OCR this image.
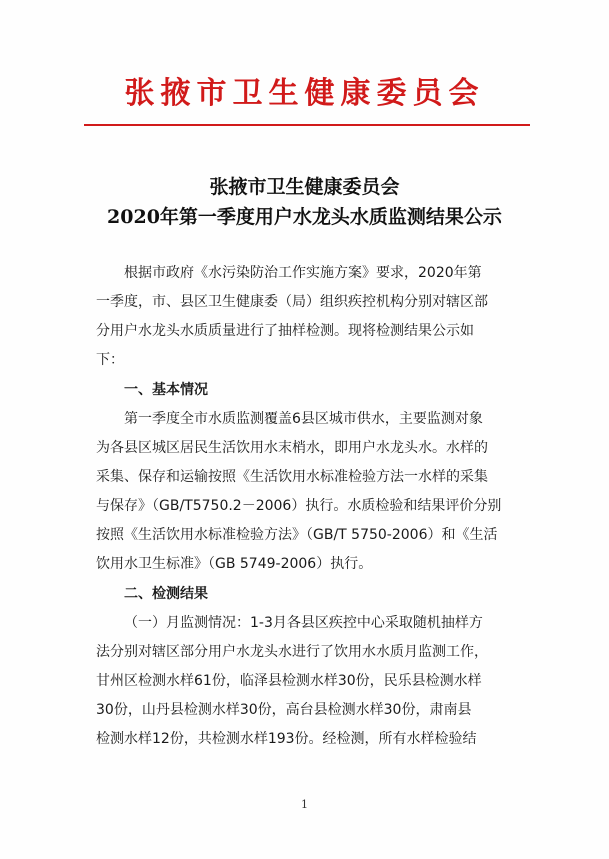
张掖市卫生健康委员会
张掖市卫生健康委员会
2020年第一季度用户水龙头水质监测结果公示
根据市政府《水污染防治工作实施方案》要求，2020年第
一季度，市、县区卫生健康委（局）组织疾控机构分别对辖区部
分用户水龙头水质质量进行了抽样检测。现将检测结果公示如
下：
一、基本情况
第一季度全市水质监测覆盖6县区城市供水，主要监测对象
为各县区城区居民生活饮用水末梢水，即用户水龙头水。水样的
采集、保存和运输按照《生活饮用水标准检验方法一水样的采集
与保存》（GB/T5750.2－2006）执行。水质检验和结果评价分别
按照《生活饮用水标准检验方法》（GB/T 5750-2006）和《生活
饮用水卫生标准》（GB 5749-2006）执行。
二、检测结果
（一）月监测情况：1-3月各县区疾控中心采取随机抽样方
法分别对辖区部分用户水龙头水进行了饮用水水质月监测工作，
甘州区检测水样61份，临泽县检测水样30份，民乐县检测水样
30份，山丹县检测水样30份，高台县检测水样30份，肃南县
检测水样12份，共检测水样193份。经检测，所有水样检验结
1
